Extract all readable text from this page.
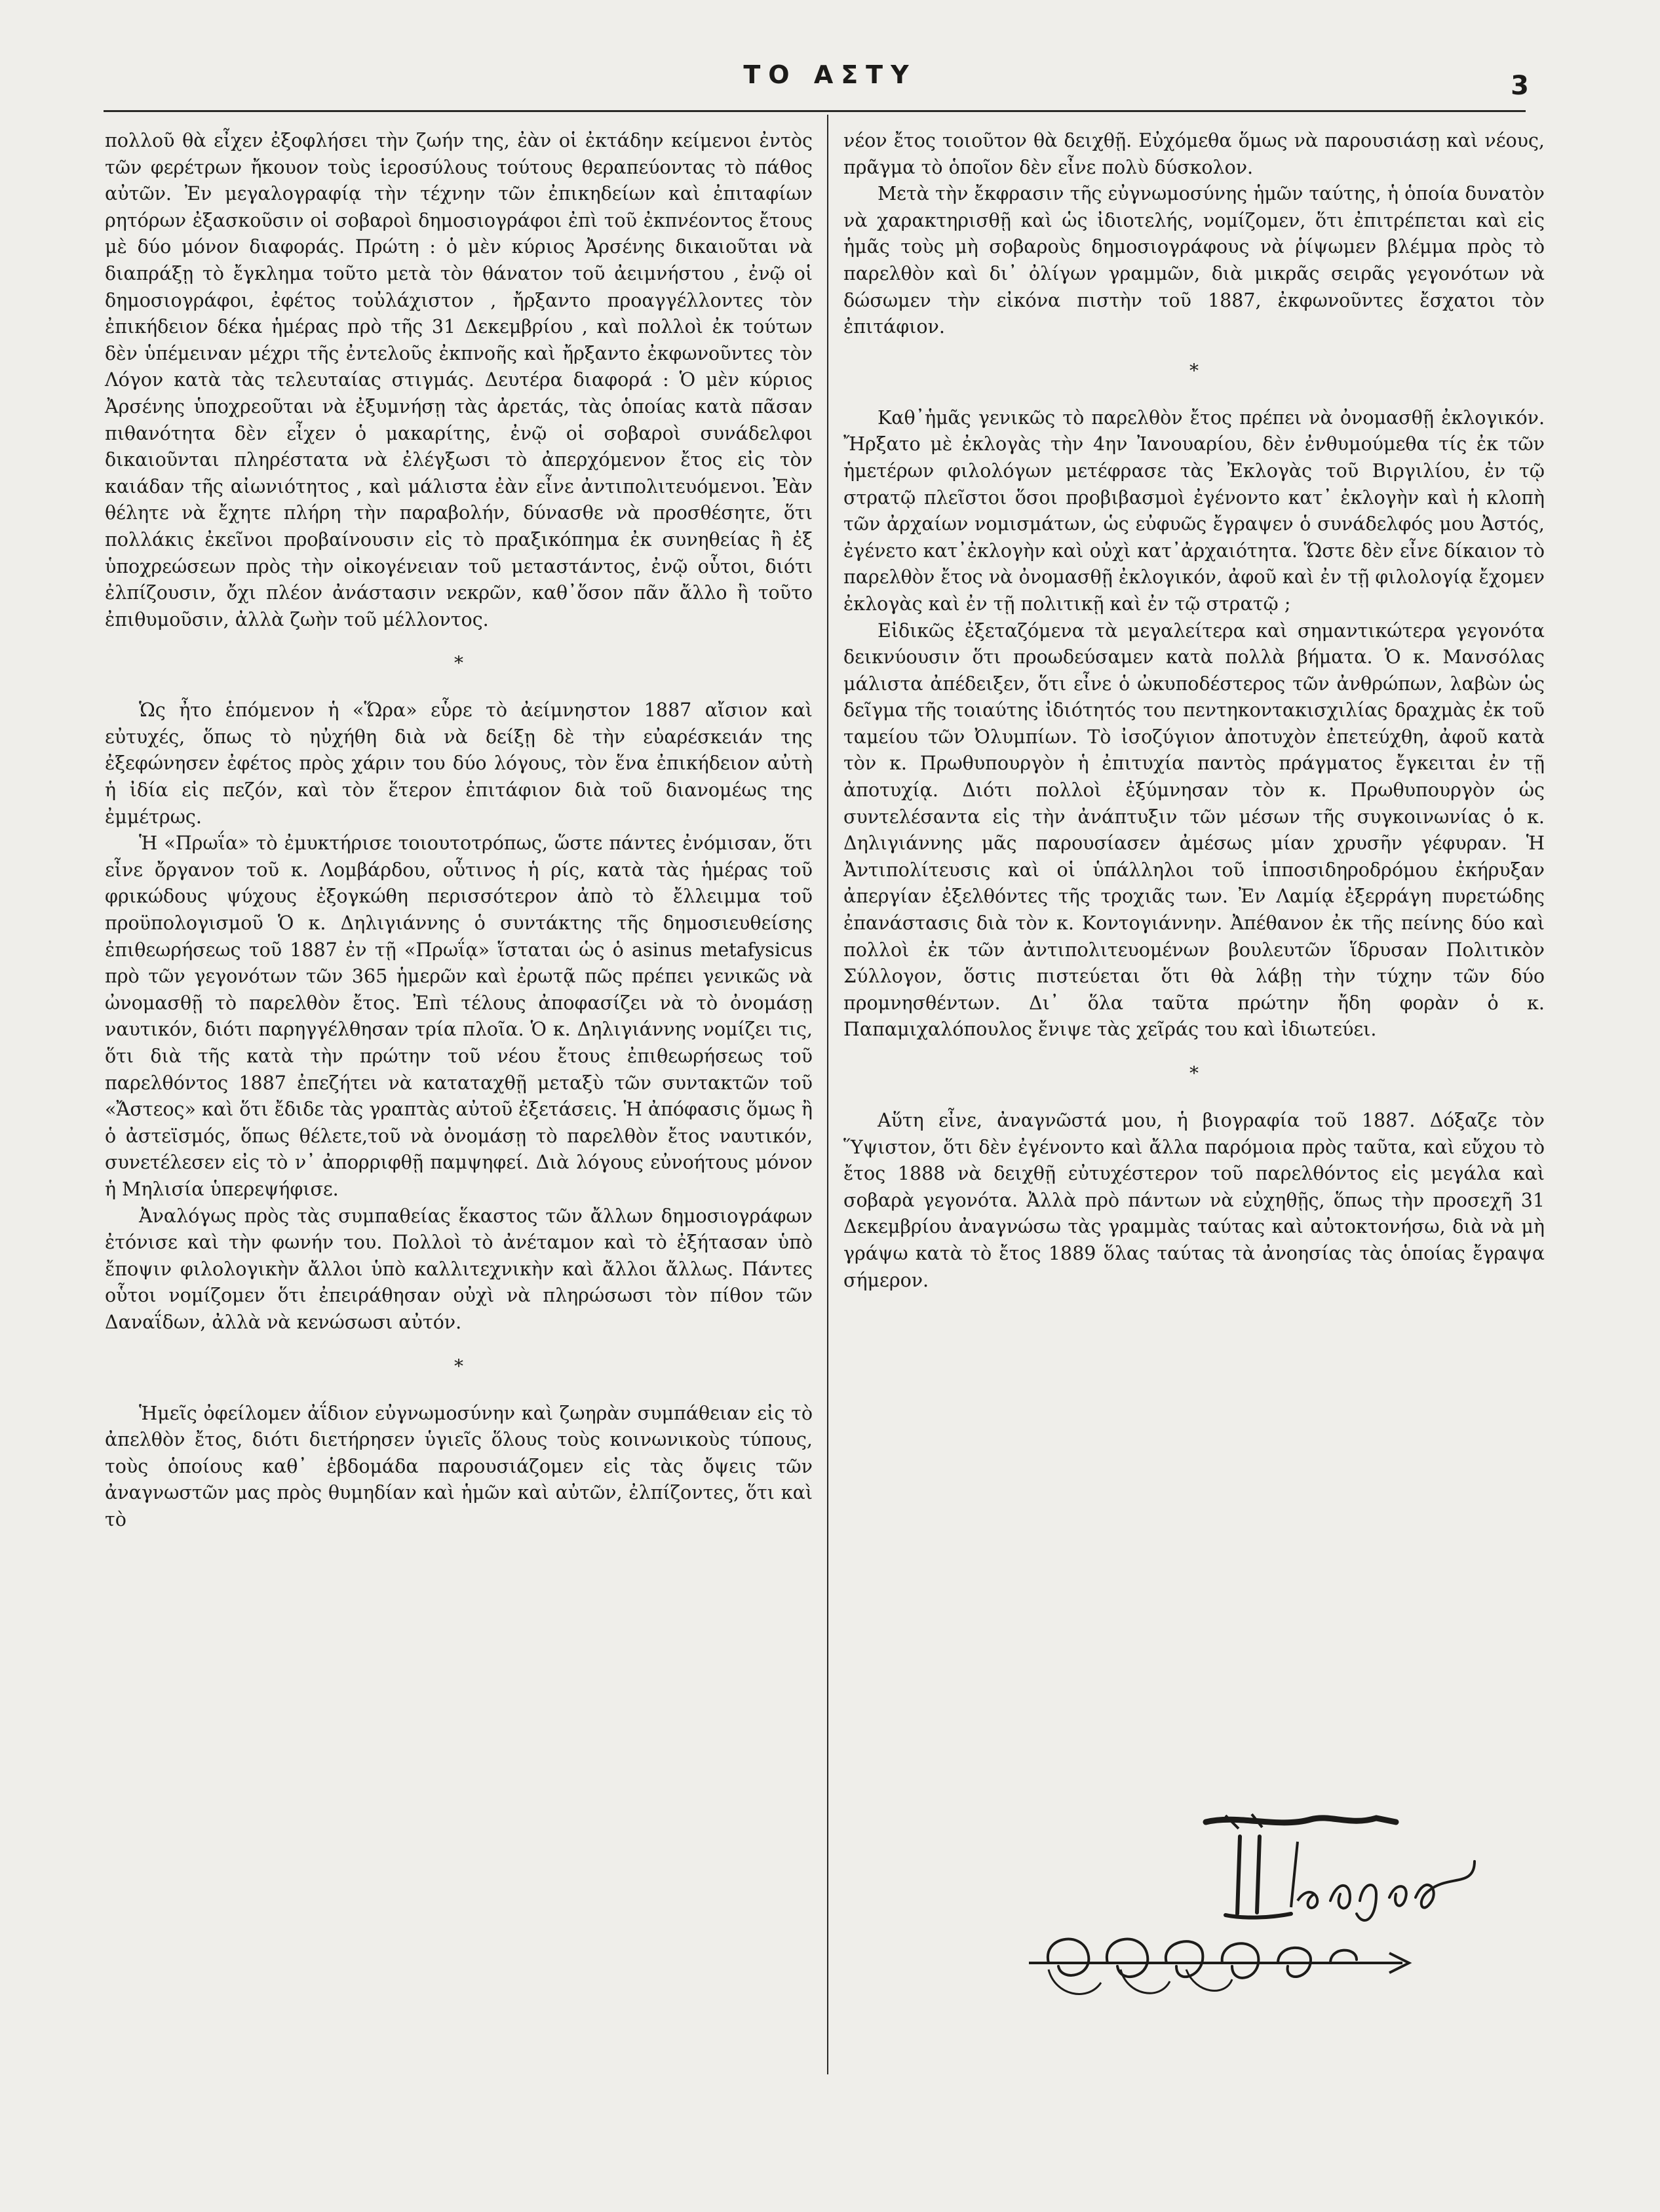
ΤΟ ΑΣΤΥ	3

πολλοῦ θὰ εἶχεν ἐξοφλήσει τὴν ζωήν της, ἐὰν οἱ ἐκτάδην κείμενοι ἐντὸς τῶν φερέτρων ἤκουον τοὺς ἱεροσύλους τούτους θεραπεύοντας τὸ πάθος αὐτῶν. Ἐν μεγαλογραφίᾳ τὴν τέχνην τῶν ἐπικηδείων καὶ ἐπιταφίων ρητόρων ἐξασκοῦσιν οἱ σοβαροὶ δημοσιογράφοι ἐπὶ τοῦ ἐκπνέοντος ἔτους μὲ δύο μόνον διαφοράς. Πρώτη : ὁ μὲν κύριος Ἀρσένης δικαιοῦται νὰ διαπράξῃ τὸ ἔγκλημα τοῦτο μετὰ τὸν θάνατον τοῦ ἀειμνήστου , ἐνῷ οἱ δημοσιογράφοι, ἐφέτος τοὐλάχιστον , ἤρξαντο προαγγέλλοντες τὸν ἐπικήδειον δέκα ἡμέρας πρὸ τῆς 31 Δεκεμβρίου , καὶ πολλοὶ ἐκ τούτων δὲν ὑπέμειναν μέχρι τῆς ἐντελοῦς ἐκπνοῆς καὶ ἤρξαντο ἐκφωνοῦντες τὸν Λόγον κατὰ τὰς τελευταίας στιγμάς. Δευτέρα διαφορά : Ὁ μὲν κύριος Ἀρσένης ὑποχρεοῦται νὰ ἐξυμνήσῃ τὰς ἀρετάς, τὰς ὁποίας κατὰ πᾶσαν πιθανότητα δὲν εἶχεν ὁ μακαρίτης, ἐνῷ οἱ σοβαροὶ συνάδελφοι δικαιοῦνται πληρέστατα νὰ ἐλέγξωσι τὸ ἀπερχόμενον ἔτος εἰς τὸν καιάδαν τῆς αἰωνιότητος , καὶ μάλιστα ἐὰν εἶνε ἀντιπολιτευόμενοι. Ἐὰν θέλητε νὰ ἔχητε πλήρη τὴν παραβολήν, δύνασθε νὰ προσθέσητε, ὅτι πολλάκις ἐκεῖνοι προβαίνουσιν εἰς τὸ πραξικόπημα ἐκ συνηθείας ἢ ἐξ ὑποχρεώσεων πρὸς τὴν οἰκογένειαν τοῦ μεταστάντος, ἐνῷ οὗτοι, διότι ἐλπίζουσιν, ὄχι πλέον ἀνάστασιν νεκρῶν, καθ᾽ὅσον πᾶν ἄλλο ἢ τοῦτο ἐπιθυμοῦσιν, ἀλλὰ ζωὴν τοῦ μέλλοντος.

*

Ὡς ἦτο ἑπόμενον ἡ «Ὥρα» εὗρε τὸ ἀείμνηστον 1887 αἴσιον καὶ εὐτυχές, ὅπως τὸ ηὐχήθη διὰ νὰ δείξῃ δὲ τὴν εὐαρέσκειάν της ἐξεφώνησεν ἐφέτος πρὸς χάριν του δύο λόγους, τὸν ἕνα ἐπικήδειον αὐτὴ ἡ ἰδία εἰς πεζόν, καὶ τὸν ἕτερον ἐπιτάφιον διὰ τοῦ διανομέως της ἐμμέτρως.

Ἡ «Πρωΐα» τὸ ἐμυκτήρισε τοιουτοτρόπως, ὥστε πάντες ἐνόμισαν, ὅτι εἶνε ὄργανον τοῦ κ. Λομβάρδου, οὗτινος ἡ ρίς, κατὰ τὰς ἡμέρας τοῦ φρικώδους ψύχους ἐξογκώθη περισσότερον ἀπὸ τὸ ἔλλειμμα τοῦ προϋπολογισμοῦ Ὁ κ. Δηλιγιάννης ὁ συντάκτης τῆς δημοσιευθείσης ἐπιθεωρήσεως τοῦ 1887 ἐν τῇ «Πρωΐᾳ» ἵσταται ὡς ὁ asinus metafysicus πρὸ τῶν γεγονότων τῶν 365 ἡμερῶν καὶ ἐρωτᾷ πῶς πρέπει γενικῶς νὰ ὠνομασθῇ τὸ παρελθὸν ἔτος. Ἐπὶ τέλους ἀποφασίζει νὰ τὸ ὀνομάσῃ ναυτικόν, διότι παρηγγέλθησαν τρία πλοῖα. Ὁ κ. Δηλιγιάννης νομίζει τις, ὅτι διὰ τῆς κατὰ τὴν πρώτην τοῦ νέου ἔτους ἐπιθεωρήσεως τοῦ παρελθόντος 1887 ἐπεζήτει νὰ καταταχθῇ μεταξὺ τῶν συντακτῶν τοῦ «Ἄστεος» καὶ ὅτι ἔδιδε τὰς γραπτὰς αὐτοῦ ἐξετάσεις. Ἡ ἀπόφασις ὅμως ἢ ὁ ἀστεϊσμός, ὅπως θέλετε,τοῦ νὰ ὀνομάσῃ τὸ παρελθὸν ἔτος ναυτικόν, συνετέλεσεν εἰς τὸ ν᾽ ἀπορριφθῇ παμψηφεί. Διὰ λόγους εὐνοήτους μόνον ἡ Μηλισία ὑπερεψήφισε.

Ἀναλόγως πρὸς τὰς συμπαθείας ἕκαστος τῶν ἄλλων δημοσιογράφων ἐτόνισε καὶ τὴν φωνήν του. Πολλοὶ τὸ ἀνέταμον καὶ τὸ ἐξήτασαν ὑπὸ ἔποψιν φιλολογικὴν ἄλλοι ὑπὸ καλλιτεχνικὴν καὶ ἄλλοι ἄλλως. Πάντες οὗτοι νομίζομεν ὅτι ἐπειράθησαν οὐχὶ νὰ πληρώσωσι τὸν πίθον τῶν Δαναΐδων, ἀλλὰ νὰ κενώσωσι αὐτόν.

*

Ἡμεῖς ὀφείλομεν ἀΐδιον εὐγνωμοσύνην καὶ ζωηρὰν συμπάθειαν εἰς τὸ ἀπελθὸν ἔτος, διότι διετήρησεν ὑγιεῖς ὅλους τοὺς κοινωνικοὺς τύπους, τοὺς ὁποίους καθ᾽ ἑβδομάδα παρουσιάζομεν εἰς τὰς ὄψεις τῶν ἀναγνωστῶν μας πρὸς θυμηδίαν καὶ ἡμῶν καὶ αὐτῶν, ἐλπίζοντες, ὅτι καὶ τὸ

νέον ἔτος τοιοῦτον θὰ δειχθῇ. Εὐχόμεθα ὅμως νὰ παρουσιάσῃ καὶ νέους, πρᾶγμα τὸ ὁποῖον δὲν εἶνε πολὺ δύσκολον.

Μετὰ τὴν ἔκφρασιν τῆς εὐγνωμοσύνης ἡμῶν ταύτης, ἡ ὁποία δυνατὸν νὰ χαρακτηρισθῇ καὶ ὡς ἰδιοτελής, νομίζομεν, ὅτι ἐπιτρέπεται καὶ εἰς ἡμᾶς τοὺς μὴ σοβαροὺς δημοσιογράφους νὰ ῥίψωμεν βλέμμα πρὸς τὸ παρελθὸν καὶ δι᾽ ὀλίγων γραμμῶν, διὰ μικρᾶς σειρᾶς γεγονότων νὰ δώσωμεν τὴν εἰκόνα πιστὴν τοῦ 1887, ἐκφωνοῦντες ἔσχατοι τὸν ἐπιτάφιον.

*

Καθ᾽ἡμᾶς γενικῶς τὸ παρελθὸν ἔτος πρέπει νὰ ὀνομασθῇ ἐκλογικόν. Ἤρξατο μὲ ἐκλογὰς τὴν 4ην Ἰανουαρίου, δὲν ἐνθυμούμεθα τίς ἐκ τῶν ἡμετέρων φιλολόγων μετέφρασε τὰς Ἐκλογὰς τοῦ Βιργιλίου, ἐν τῷ στρατῷ πλεῖστοι ὅσοι προβιβασμοὶ ἐγένοντο κατ᾽ ἐκλογὴν καὶ ἡ κλοπὴ τῶν ἀρχαίων νομισμάτων, ὡς εὐφυῶς ἔγραψεν ὁ συνάδελφός μου Ἀστός, ἐγένετο κατ᾽ἐκλογὴν καὶ οὐχὶ κατ᾽ἀρχαιότητα. Ὥστε δὲν εἶνε δίκαιον τὸ παρελθὸν ἔτος νὰ ὀνομασθῇ ἐκλογικόν, ἀφοῦ καὶ ἐν τῇ φιλολογίᾳ ἔχομεν ἐκλογὰς καὶ ἐν τῇ πολιτικῇ καὶ ἐν τῷ στρατῷ ;

Εἰδικῶς ἐξεταζόμενα τὰ μεγαλείτερα καὶ σημαντικώτερα γεγονότα δεικνύουσιν ὅτι προωδεύσαμεν κατὰ πολλὰ βήματα. Ὁ κ. Μανσόλας μάλιστα ἀπέδειξεν, ὅτι εἶνε ὁ ὠκυποδέστερος τῶν ἀνθρώπων, λαβὼν ὡς δεῖγμα τῆς τοιαύτης ἰδιότητός του πεντηκοντακισχιλίας δραχμὰς ἐκ τοῦ ταμείου τῶν Ὀλυμπίων. Τὸ ἰσοζύγιον ἀποτυχὸν ἐπετεύχθη, ἀφοῦ κατὰ τὸν κ. Πρωθυπουργὸν ἡ ἐπιτυχία παντὸς πράγματος ἔγκειται ἐν τῇ ἀποτυχίᾳ. Διότι πολλοὶ ἐξύμνησαν τὸν κ. Πρωθυπουργὸν ὡς συντελέσαντα εἰς τὴν ἀνάπτυξιν τῶν μέσων τῆς συγκοινωνίας ὁ κ. Δηλιγιάννης μᾶς παρουσίασεν ἀμέσως μίαν χρυσῆν γέφυραν. Ἡ Ἀντιπολίτευσις καὶ οἱ ὑπάλληλοι τοῦ ἱπποσιδηροδρόμου ἐκήρυξαν ἀπεργίαν ἐξελθόντες τῆς τροχιᾶς των. Ἐν Λαμίᾳ ἐξερράγη πυρετώδης ἐπανάστασις διὰ τὸν κ. Κοντογιάννην. Ἀπέθανον ἐκ τῆς πείνης δύο καὶ πολλοὶ ἐκ τῶν ἀντιπολιτευομένων βουλευτῶν ἵδρυσαν Πολιτικὸν Σύλλογον, ὅστις πιστεύεται ὅτι θὰ λάβῃ τὴν τύχην τῶν δύο προμνησθέντων. Δι᾽ ὅλα ταῦτα πρώτην ἤδη φορὰν ὁ κ. Παπαμιχαλόπουλος ἔνιψε τὰς χεῖράς του καὶ ἰδιωτεύει.

*

Αὕτη εἶνε, ἀναγνῶστά μου, ἡ βιογραφία τοῦ 1887. Δόξαζε τὸν Ὕψιστον, ὅτι δὲν ἐγένοντο καὶ ἄλλα παρόμοια πρὸς ταῦτα, καὶ εὔχου τὸ ἔτος 1888 νὰ δειχθῇ εὐτυχέστερον τοῦ παρελθόντος εἰς μεγάλα καὶ σοβαρὰ γεγονότα. Ἀλλὰ πρὸ πάντων νὰ εὐχηθῇς, ὅπως τὴν προσεχῆ 31 Δεκεμβρίου ἀναγνώσω τὰς γραμμὰς ταύτας καὶ αὐτοκτονήσω, διὰ νὰ μὴ γράψω κατὰ τὸ ἔτος 1889 ὅλας ταύτας τὰ ἀνοησίας τὰς ὁποίας ἔγραψα σήμερον.
